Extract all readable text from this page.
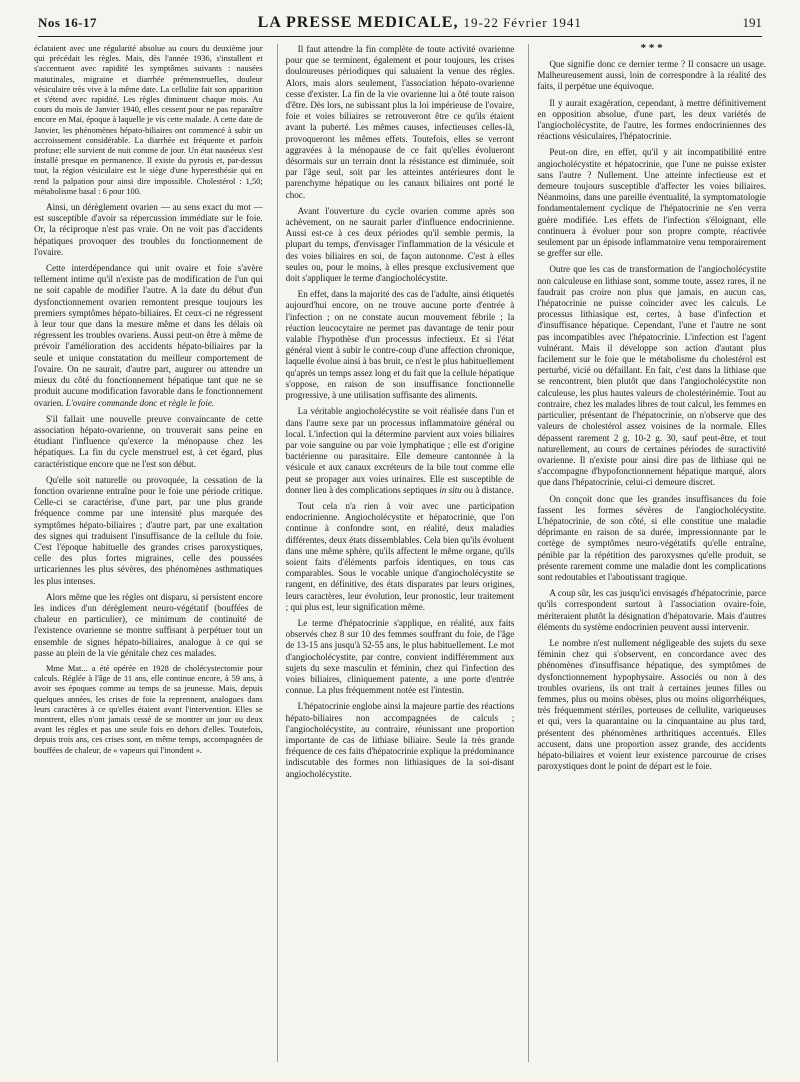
Nos 16-17	LA PRESSE MEDICALE, 19-22 Février 1941	191

éclataient avec une régularité absolue au cours du deuxième jour qui précédait les règles. Mais, dès l'année 1936, s'installent et s'accentuent avec rapidité les symptômes suivants : nausées matutinales, migraine et diarrhée prémenstruelles, douleur vésiculaire très vive à la même date. La cellulite fait son apparition et s'étend avec rapidité. Les règles diminuent chaque mois. Au cours du mois de Janvier 1940, elles cessent pour ne pas reparaître encore en Mai, époque à laquelle je vis cette malade. A cette date de Janvier, les phénomènes hépato-biliaires ont commencé à subir un accroissement considérable. La diarrhée est fréquente et parfois profuse; elle survient de nuit comme de jour. Un état nauséeux s'est installé presque en permanence. Il existe du pyrosis et, par-dessus tout, la région vésiculaire est le siège d'une hyperesthésie qui en rend la palpation pour ainsi dire impossible. Cholestérol : 1,50; métabolisme basal : 6 pour 100.

Ainsi, un dérèglement ovarien — au sens exact du mot — est susceptible d'avoir sa répercussion immédiate sur le foie. Or, la réciproque n'est pas vraie. On ne voit pas d'accidents hépatiques provoquer des troubles du fonctionnement de l'ovaire.

Cette interdépendance qui unit ovaire et foie s'avère tellement intime qu'il n'existe pas de modification de l'un qui ne soit capable de modifier l'autre. A la date du début d'un dysfonctionnement ovarien remontent presque toujours les premiers symptômes hépato-biliaires. Et ceux-ci ne régressent à leur tour que dans la mesure même et dans les délais où régressent les troubles ovariens. Aussi peut-on être à même de prévoir l'amélioration des accidents hépato-biliaires par la seule et unique constatation du meilleur comportement de l'ovaire. On ne saurait, d'autre part, augurer ou attendre un mieux du côté du fonctionnement hépatique tant que ne se produit aucune modification favorable dans le fonctionnement ovarien. L'ovaire commande donc et règle le foie.

S'il fallait une nouvelle preuve convaincante de cette association hépato-ovarienne, on trouverait sans peine en étudiant l'influence qu'exerce la ménopause chez les hépatiques. La fin du cycle menstruel est, à cet égard, plus caractéristique encore que ne l'est son début.

Qu'elle soit naturelle ou provoquée, la cessation de la fonction ovarienne entraîne pour le foie une période critique. Celle-ci se caractérise, d'une part, par une plus grande fréquence comme par une intensité plus marquée des symptômes hépato-biliaires ; d'autre part, par une exaltation des signes qui traduisent l'insuffisance de la cellule du foie. C'est l'époque habituelle des grandes crises paroxystiques, celle des plus fortes migraines, celle des poussées urticariennes les plus sévères, des phénomènes asthmatiques les plus intenses.

Alors même que les règles ont disparu, si persistent encore les indices d'un dérèglement neuro-végétatif (bouffées de chaleur en particulier), ce minimum de continuité de l'existence ovarienne se montre suffisant à perpétuer tout un ensemble de signes hépato-biliaires, analogue à ce qui se passe au plein de la vie génitale chez ces malades.

Mme Mat... a été opérée en 1928 de cholécystectomie pour calculs. Réglée à l'âge de 11 ans, elle continue encore, à 59 ans, à avoir ses époques comme au temps de sa jeunesse. Mais, depuis quelques années, les crises de foie la reprennent, analogues dans leurs caractères à ce qu'elles étaient avant l'intervention. Elles se montrent, elles n'ont jamais cessé de se montrer un jour ou deux avant les règles et pas une seule fois en dehors d'elles. Toutefois, depuis trois ans, ces crises sont, en même temps, accompagnées de bouffées de chaleur, de « vapeurs qui l'inondent ».

Il faut attendre la fin complète de toute activité ovarienne pour que se terminent, également et pour toujours, les crises douloureuses périodiques qui saluaient la venue des règles. Alors, mais alors seulement, l'association hépato-ovarienne cesse d'exister. La fin de la vie ovarienne lui a ôté toute raison d'être. Dès lors, ne subissant plus la loi impérieuse de l'ovaire, foie et voies biliaires se retrouveront être ce qu'ils étaient avant la puberté. Les mêmes causes, infectieuses celles-là, provoqueront les mêmes effets. Toutefois, elles se verront aggravées à la ménopause de ce fait qu'elles évolueront désormais sur un terrain dont la résistance est diminuée, soit par l'âge seul, soit par les atteintes antérieures dont le parenchyme hépatique ou les canaux biliaires ont porté le choc.

Avant l'ouverture du cycle ovarien comme après son achèvement, on ne saurait parler d'influence endocrinienne. Aussi est-ce à ces deux périodes qu'il semble permis, la plupart du temps, d'envisager l'inflammation de la vésicule et des voies biliaires en soi, de façon autonome. C'est à elles seules ou, pour le moins, à elles presque exclusivement que doit s'appliquer le terme d'angiocholécystite.

En effet, dans la majorité des cas de l'adulte, ainsi étiquetés aujourd'hui encore, on ne trouve aucune porte d'entrée à l'infection ; on ne constate aucun mouvement fébrile ; la réaction leucocytaire ne permet pas davantage de tenir pour valable l'hypothèse d'un processus infectieux. Et si l'état général vient à subir le contre-coup d'une affection chronique, laquelle évolue ainsi à bas bruit, ce n'est le plus habituellement qu'après un temps assez long et du fait que la cellule hépatique s'oppose, en raison de son insuffisance fonctionnelle progressive, à une utilisation suffisante des aliments.

La véritable angiocholécystite se voit réalisée dans l'un et dans l'autre sexe par un processus inflammatoire général ou local. L'infection qui la détermine parvient aux voies biliaires par voie sanguine ou par voie lymphatique ; elle est d'origine bactérienne ou parasitaire. Elle demeure cantonnée à la vésicule et aux canaux excréteurs de la bile tout comme elle peut se propager aux voies urinaires. Elle est susceptible de donner lieu à des complications septiques in situ ou à distance.

Tout cela n'a rien à voir avec une participation endocrinienne. Angiocholécystite et hépatocrinie, que l'on continue à confondre sont, en réalité, deux maladies différentes, deux états dissemblables. Cela bien qu'ils évoluent dans une même sphère, qu'ils affectent le même organe, qu'ils soient faits d'éléments parfois identiques, en tous cas comparables. Sous le vocable unique d'angiocholécystite se rangent, en définitive, des états disparates par leurs origines, leurs caractères, leur évolution, leur pronostic, leur traitement ; qui plus est, leur signification même.

Le terme d'hépatocrinie s'applique, en réalité, aux faits observés chez 8 sur 10 des femmes souffrant du foie, de l'âge de 13-15 ans jusqu'à 52-55 ans, le plus habituellement. Le mot d'angiocholécystite, par contre, convient indifféremment aux sujets du sexe masculin et féminin, chez qui l'infection des voies biliaires, cliniquement patente, a une porte d'entrée connue. La plus fréquemment notée est l'intestin.

L'hépatocrinie englobe ainsi la majeure partie des réactions hépato-biliaires non accompagnées de calculs ; l'angiocholécystite, au contraire, réunissant une proportion importante de cas de lithiase biliaire. Seule la très grande fréquence de ces faits d'hépatocrinie explique la prédominance indiscutable des formes non lithiasiques de la soi-disant angiocholécystite.

* * *

Que signifie donc ce dernier terme ? Il consacre un usage. Malheureusement aussi, loin de correspondre à la réalité des faits, il perpétue une équivoque.

Il y aurait exagération, cependant, à mettre définitivement en opposition absolue, d'une part, les deux variétés de l'angiocholécystite, de l'autre, les formes endocriniennes des réactions vésiculaires, l'hépatocrinie.

Peut-on dire, en effet, qu'il y ait incompatibilité entre angiocholécystite et hépatocrinie, que l'une ne puisse exister sans l'autre ? Nullement. Une atteinte infectieuse est et demeure toujours susceptible d'affecter les voies biliaires. Néanmoins, dans une pareille éventualité, la symptomatologie fondamentalement cyclique de l'hépatocrinie ne s'en verra guère modifiée. Les effets de l'infection s'éloignant, elle continuera à évoluer pour son propre compte, réactivée seulement par un épisode inflammatoire venu temporairement se greffer sur elle.

Outre que les cas de transformation de l'angiocholécystite non calculeuse en lithiase sont, somme toute, assez rares, il ne faudrait pas croire non plus que jamais, en aucun cas, l'hépatocrinie ne puisse coïncider avec les calculs. Le processus lithiasique est, certes, à base d'infection et d'insuffisance hépatique. Cependant, l'une et l'autre ne sont pas incompatibles avec l'hépatocrinie. L'infection est l'agent vulnérant. Mais il développe son action d'autant plus facilement sur le foie que le métabolisme du cholestérol est perturbé, vicié ou défaillant. En fait, c'est dans la lithiase que se rencontrent, bien plutôt que dans l'angiocholécystite non calculeuse, les plus hautes valeurs de cholestérinémie. Tout au contraire, chez les malades libres de tout calcul, les femmes en particulier, présentant de l'hépatocrinie, on n'observe que des valeurs de cholestérol assez voisines de la normale. Elles dépassent rarement 2 g. 10-2 g. 30, sauf peut-être, et tout naturellement, au cours de certaines périodes de suractivité ovarienne. Il n'existe pour ainsi dire pas de lithiase qui ne s'accompagne d'hypofonctionnement hépatique marqué, alors que dans l'hépatocrinie, celui-ci demeure discret.

On conçoit donc que les grandes insuffisances du foie fassent les formes sévères de l'angiocholécystite. L'hépatocrinie, de son côté, si elle constitue une maladie déprimante en raison de sa durée, impressionnante par le cortège de symptômes neuro-végétatifs qu'elle entraîne, pénible par la répétition des paroxysmes qu'elle produit, se présente rarement comme une maladie dont les complications sont redoutables et l'aboutissant tragique.

A coup sûr, les cas jusqu'ici envisagés d'hépatocrinie, parce qu'ils correspondent surtout à l'association ovaire-foie, mériteraient plutôt la désignation d'hépatovarie. Mais d'autres éléments du système endocrinien peuvent aussi intervenir.

Le nombre n'est nullement négligeable des sujets du sexe féminin chez qui s'observent, en concordance avec des phénomènes d'insuffisance hépatique, des symptômes de dysfonctionnement hypophysaire. Associés ou non à des troubles ovariens, ils ont trait à certaines jeunes filles ou femmes, plus ou moins obèses, plus ou moins oligorrhéiques, très fréquemment stériles, porteuses de cellulite, variqueuses et qui, vers la quarantaine ou la cinquantaine au plus tard, présentent des phénomènes arthritiques accentués. Elles accusent, dans une proportion assez grande, des accidents hépato-biliaires et voient leur existence parcourue de crises paroxystiques dont le point de départ est le foie.
